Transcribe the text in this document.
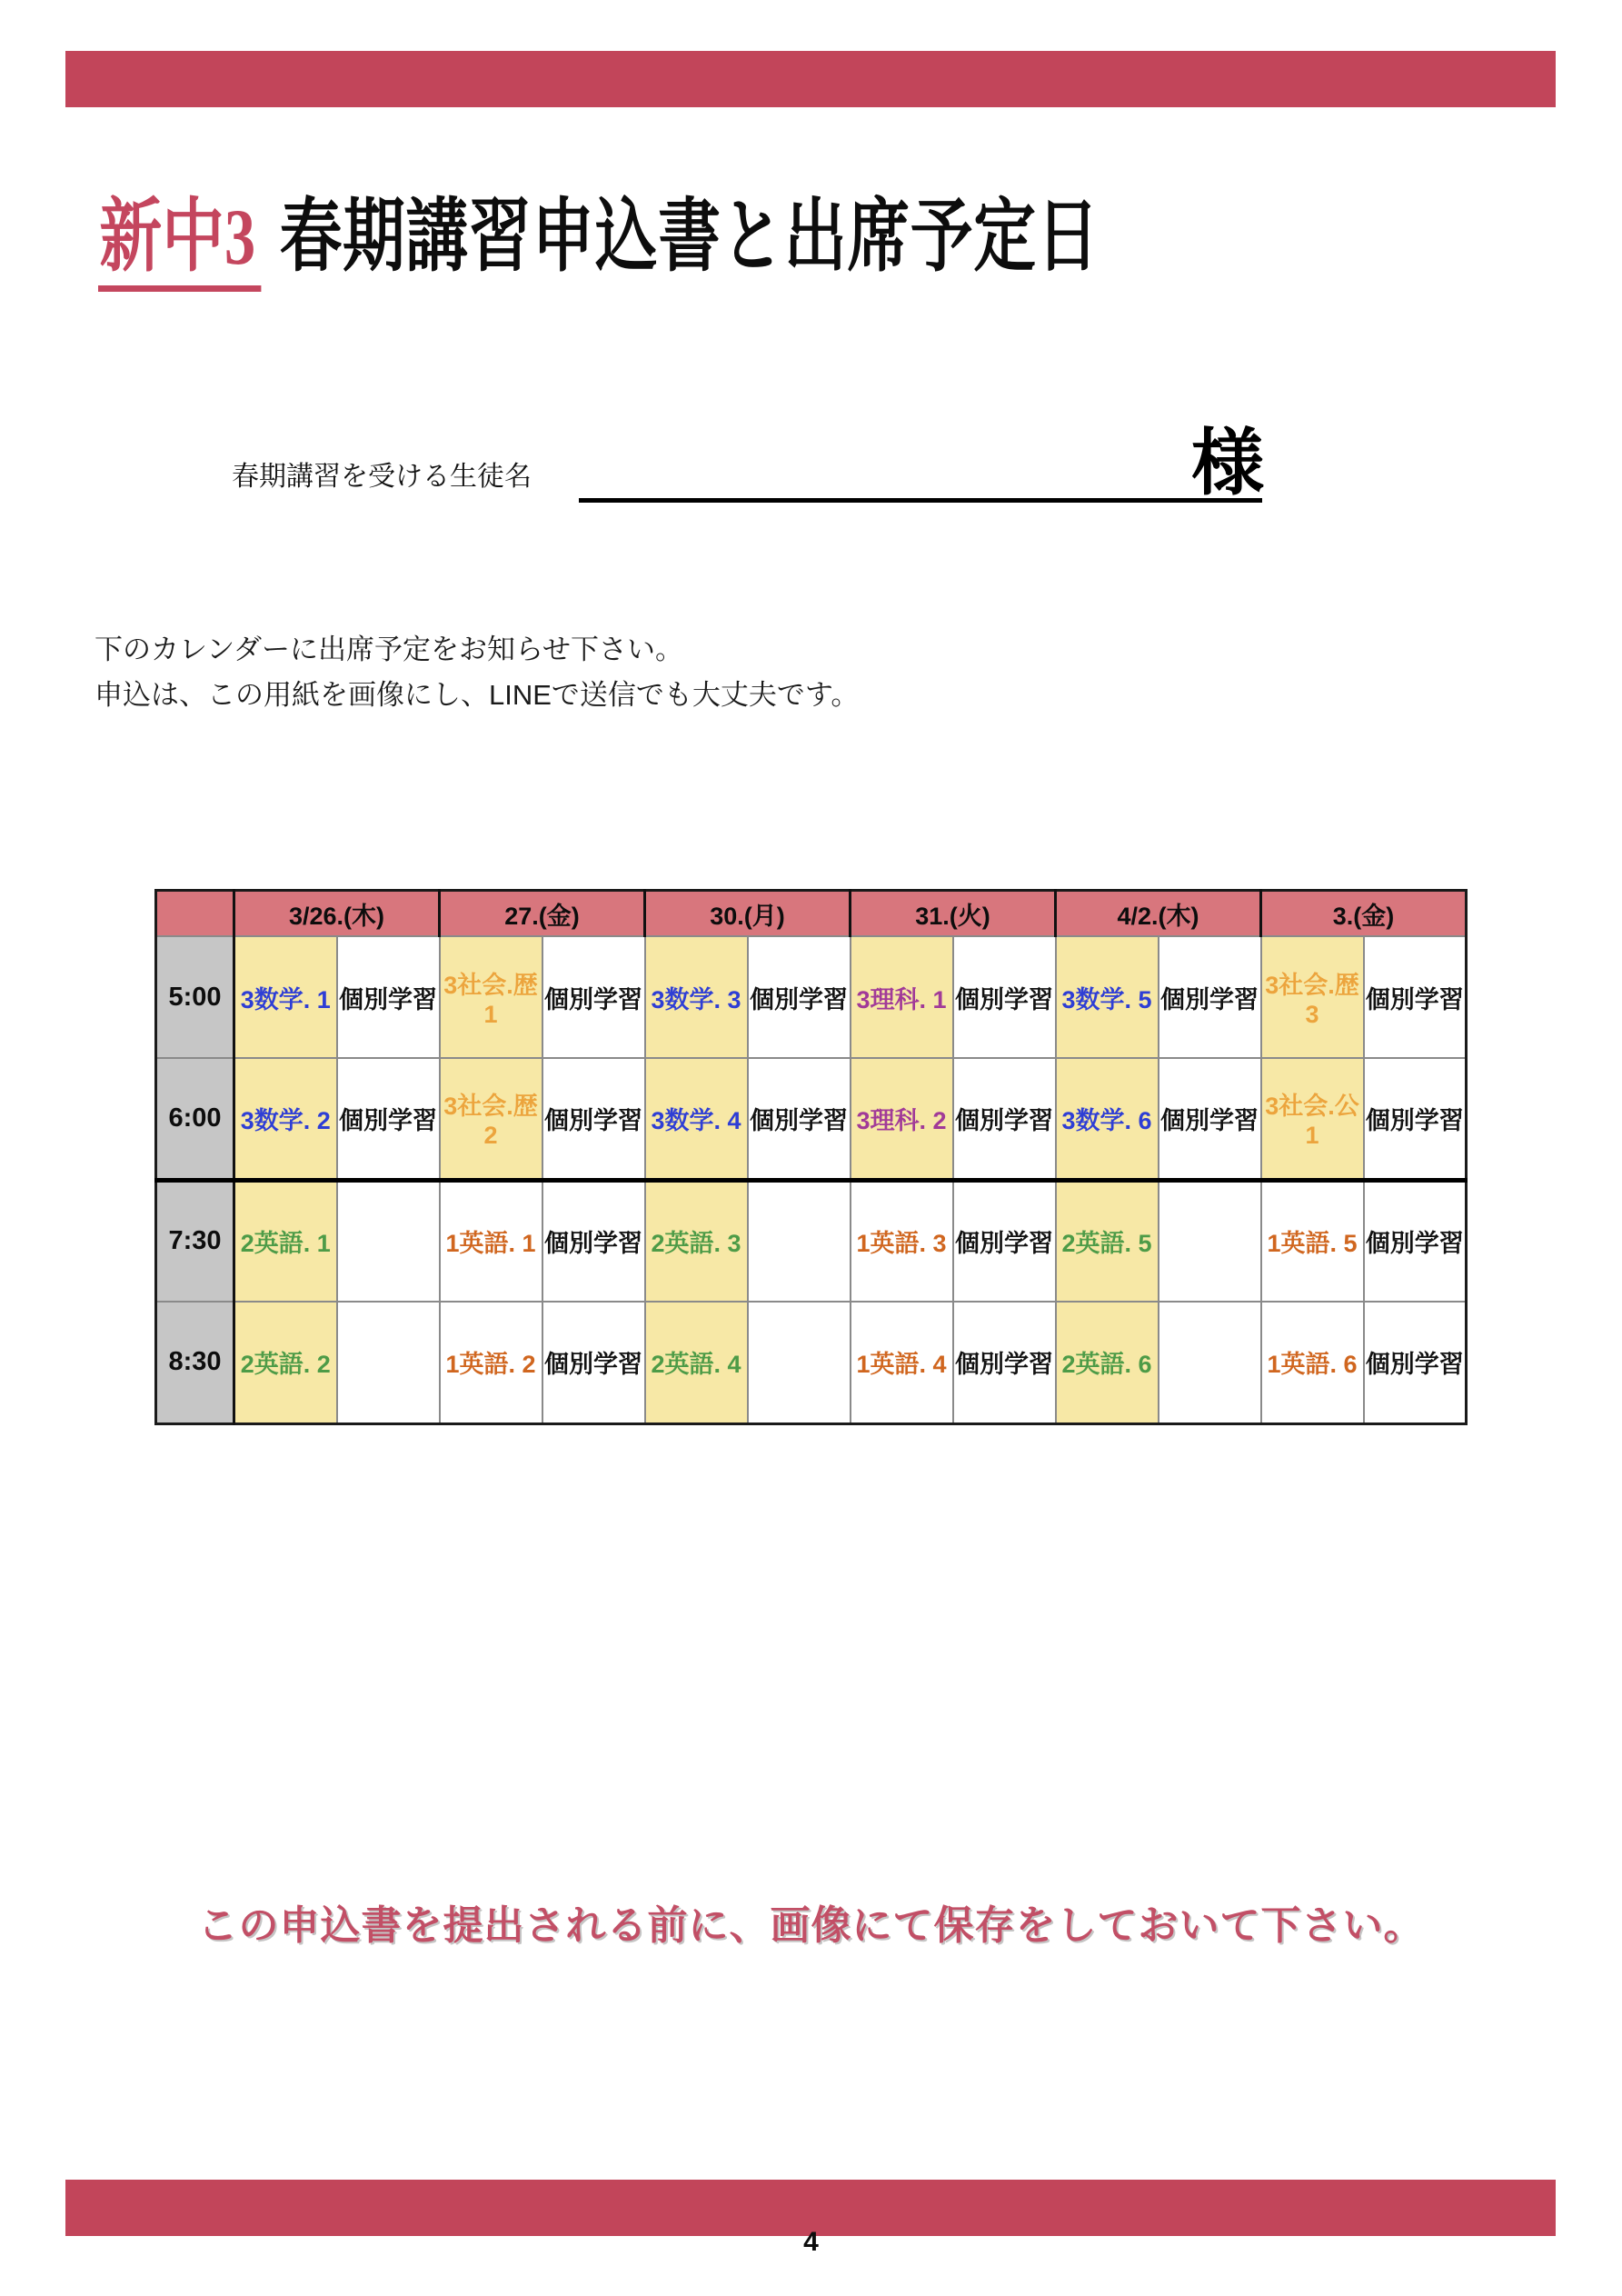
新中3 春期講習申込書と出席予定日
春期講習を受ける生徒名	様

下のカレンダーに出席予定をお知らせ下さい。

申込は、この用紙を画像にし、LINEで送信でも大丈夫です。

	3/26.(木)		27.(金)		30.(月)		31.(火)		4/2.(木)		3.(金)	
5:00	3数学. 1	個別学習	3社会.歴1	個別学習	3数学. 3	個別学習	3理科. 1	個別学習	3数学. 5	個別学習	3社会.歴3	個別学習
6:00	3数学. 2	個別学習	3社会.歴2	個別学習	3数学. 4	個別学習	3理科. 2	個別学習	3数学. 6	個別学習	3社会.公1	個別学習
7:30	2英語. 1		1英語. 1	個別学習	2英語. 3		1英語. 3	個別学習	2英語. 5		1英語. 5	個別学習
8:30	2英語. 2		1英語. 2	個別学習	2英語. 4		1英語. 4	個別学習	2英語. 6		1英語. 6	個別学習

この申込書を提出される前に、画像にて保存をしておいて下さい。

4
